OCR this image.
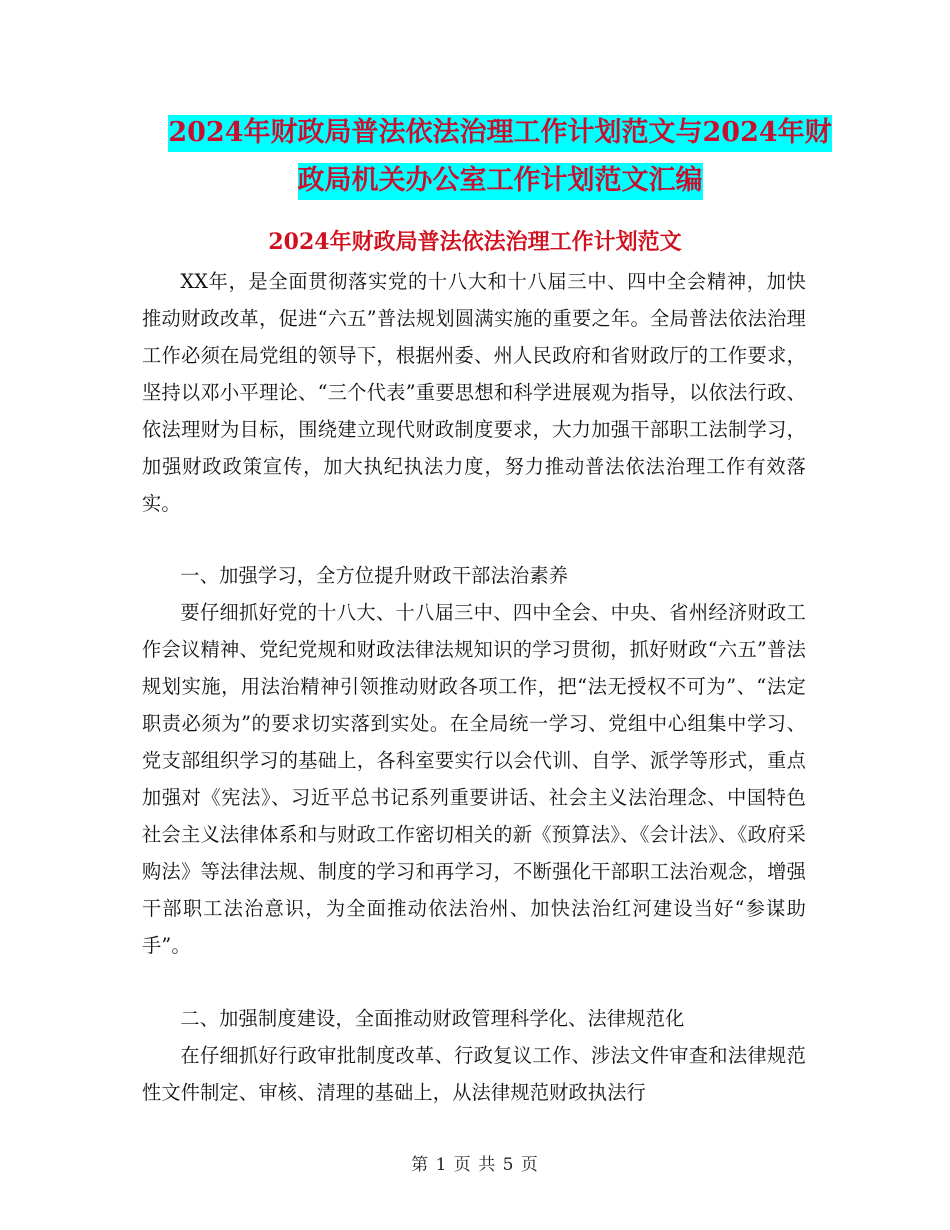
2024年财政局普法依法治理工作计划范文与2024年财
政局机关办公室工作计划范文汇编
2024年财政局普法依法治理工作计划范文

XX年，是全面贯彻落实党的十八大和十八届三中、四中全会精神，加快推动财政改革，促进“六五”普法规划圆满实施的重要之年。全局普法依法治理工作必须在局党组的领导下，根据州委、州人民政府和省财政厅的工作要求，坚持以邓小平理论、“三个代表”重要思想和科学进展观为指导，以依法行政、依法理财为目标，围绕建立现代财政制度要求，大力加强干部职工法制学习，加强财政政策宣传，加大执纪执法力度，努力推动普法依法治理工作有效落实。

一、加强学习，全方位提升财政干部法治素养

要仔细抓好党的十八大、十八届三中、四中全会、中央、省州经济财政工作会议精神、党纪党规和财政法律法规知识的学习贯彻，抓好财政“六五”普法规划实施，用法治精神引领推动财政各项工作，把“法无授权不可为”、“法定职责必须为”的要求切实落到实处。在全局统一学习、党组中心组集中学习、党支部组织学习的基础上，各科室要实行以会代训、自学、派学等形式，重点加强对《宪法》、习近平总书记系列重要讲话、社会主义法治理念、中国特色社会主义法律体系和与财政工作密切相关的新《预算法》、《会计法》、《政府采购法》等法律法规、制度的学习和再学习，不断强化干部职工法治观念，增强干部职工法治意识，为全面推动依法治州、加快法治红河建设当好“参谋助手”。

二、加强制度建设，全面推动财政管理科学化、法律规范化

在仔细抓好行政审批制度改革、行政复议工作、涉法文件审查和法律规范性文件制定、审核、清理的基础上，从法律规范财政执法行

第 1 页 共 5 页
